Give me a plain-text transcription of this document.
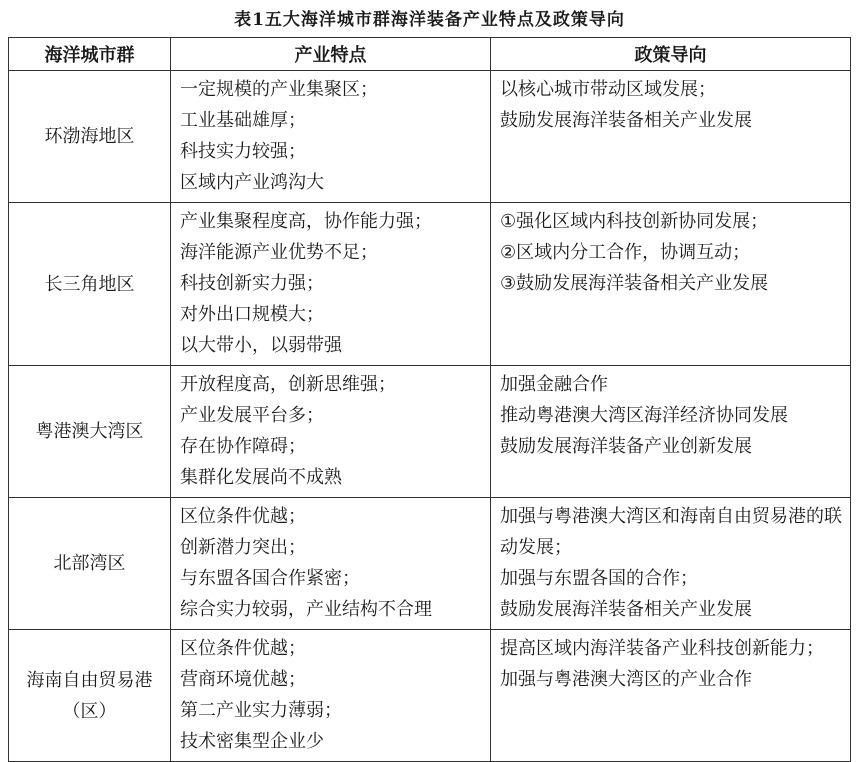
表1五大海洋城市群海洋装备产业特点及政策导向
海洋城市群	产业特点	政策导向
环渤海地区	一定规模的产业集聚区；
工业基础雄厚；
科技实力较强；
区域内产业鸿沟大	以核心城市带动区域发展；
鼓励发展海洋装备相关产业发展

长三角地区	产业集聚程度高，协作能力强；
海洋能源产业优势不足；
科技创新实力强；
对外出口规模大；
以大带小，以弱带强	①强化区域内科技创新协同发展；
②区域内分工合作，协调互动；
③鼓励发展海洋装备相关产业发展

粤港澳大湾区	开放程度高，创新思维强；
产业发展平台多；
存在协作障碍；
集群化发展尚不成熟	加强金融合作
推动粤港澳大湾区海洋经济协同发展
鼓励发展海洋装备产业创新发展

北部湾区	区位条件优越；
创新潜力突出；
与东盟各国合作紧密；
综合实力较弱，产业结构不合理	加强与粤港澳大湾区和海南自由贸易港的联动发展；
加强与东盟各国的合作；
鼓励发展海洋装备相关产业发展

海南自由贸易港（区）	区位条件优越；
营商环境优越；
第二产业实力薄弱；
技术密集型企业少	提高区域内海洋装备产业科技创新能力；
加强与粤港澳大湾区的产业合作
